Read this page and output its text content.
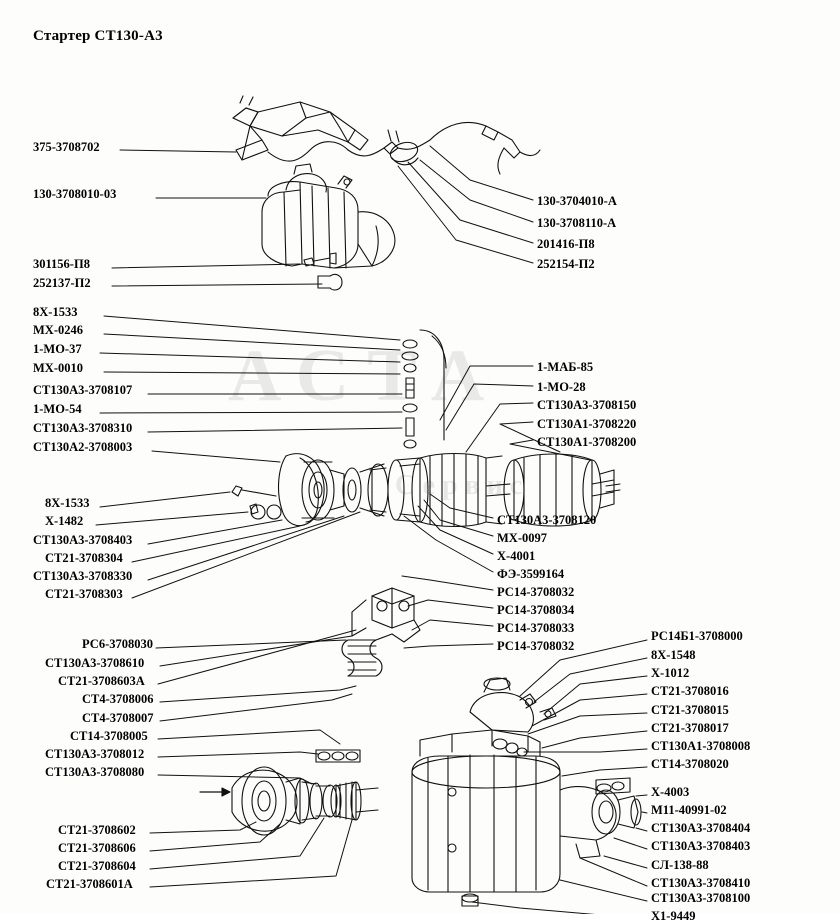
Стартер СТ130-А3
АСТА
Сервис
375-3708702
130-3708010-03
301156-П8
252137-П2
8Х-1533
МХ-0246
1-МО-37
МХ-0010
СТ130А3-3708107
1-МО-54
СТ130А3-3708310
СТ130А2-3708003
8Х-1533
Х-1482
СТ130А3-3708403
СТ21-3708304
СТ130А3-3708330
СТ21-3708303
РС6-3708030
СТ130А3-3708610
СТ21-3708603А
СТ4-3708006
СТ4-3708007
СТ14-3708005
СТ130А3-3708012
СТ130А3-3708080
СТ21-3708602
СТ21-3708606
СТ21-3708604
СТ21-3708601А
130-3704010-А
130-3708110-А
201416-П8
252154-П2
1-МАБ-85
1-МО-28
СТ130А3-3708150
СТ130А1-3708220
СТ130А1-3708200
СТ130А3-3708120
МХ-0097
Х-4001
ФЭ-3599164
РС14-3708032
РС14-3708034
РС14-3708033
РС14-3708032
РС14Б1-3708000
8Х-1548
Х-1012
СТ21-3708016
СТ21-3708015
СТ21-3708017
СТ130А1-3708008
СТ14-3708020
Х-4003
М11-40991-02
СТ130А3-3708404
СТ130А3-3708403
СЛ-138-88
СТ130А3-3708410
СТ130А3-3708100
Х1-9449
